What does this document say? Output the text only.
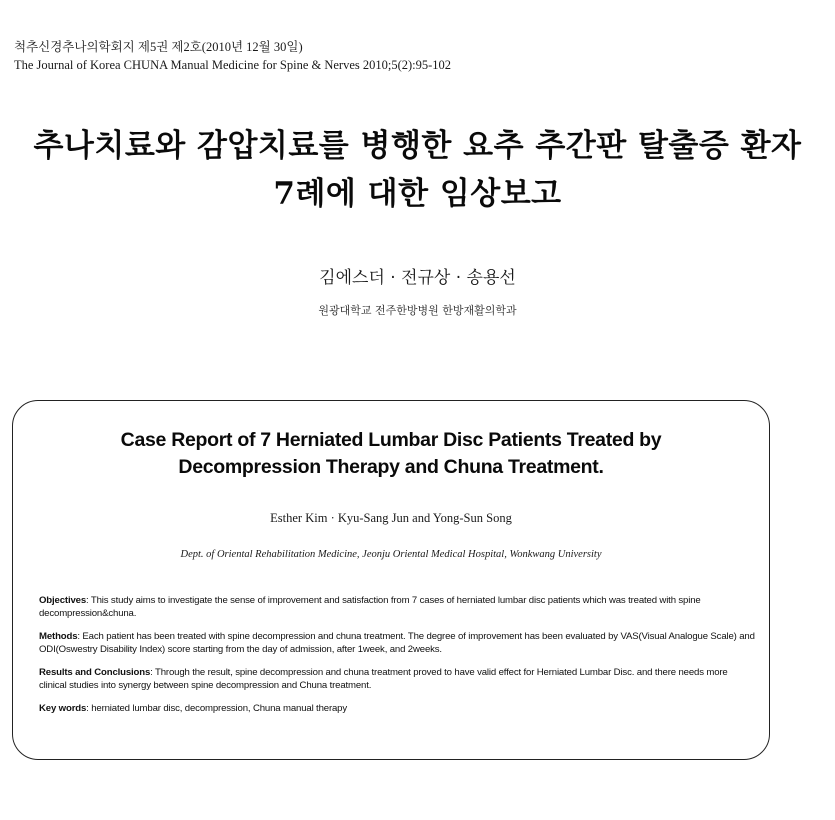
척추신경추나의학회지 제5권 제2호(2010년 12월 30일)
The Journal of Korea CHUNA Manual Medicine for Spine & Nerves 2010;5(2):95-102
추나치료와 감압치료를 병행한 요추 추간판 탈출증 환자
7례에 대한 임상보고
김에스더 · 전규상 · 송용선
원광대학교 전주한방병원 한방재활의학과
Case Report of 7 Herniated Lumbar Disc Patients Treated by
Decompression Therapy and Chuna Treatment.
Esther Kim · Kyu-Sang Jun and Yong-Sun Song
Dept. of Oriental Rehabilitation Medicine, Jeonju Oriental Medical Hospital, Wonkwang University

Objectives: This study aims to investigate the sense of improvement and satisfaction from 7 cases of herniated lumbar disc patients which was treated with spine decompression&chuna.

Methods: Each patient has been treated with spine decompression and chuna treatment. The degree of improvement has been evaluated by VAS(Visual Analogue Scale) and ODI(Oswestry Disability Index) score starting from the day of admission, after 1week, and 2weeks.

Results and Conclusions: Through the result, spine decompression and chuna treatment proved to have valid effect for Herniated Lumbar Disc. and there needs more clinical studies into synergy between spine decompression and Chuna treatment.

Key words: herniated lumbar disc, decompression, Chuna manual therapy
